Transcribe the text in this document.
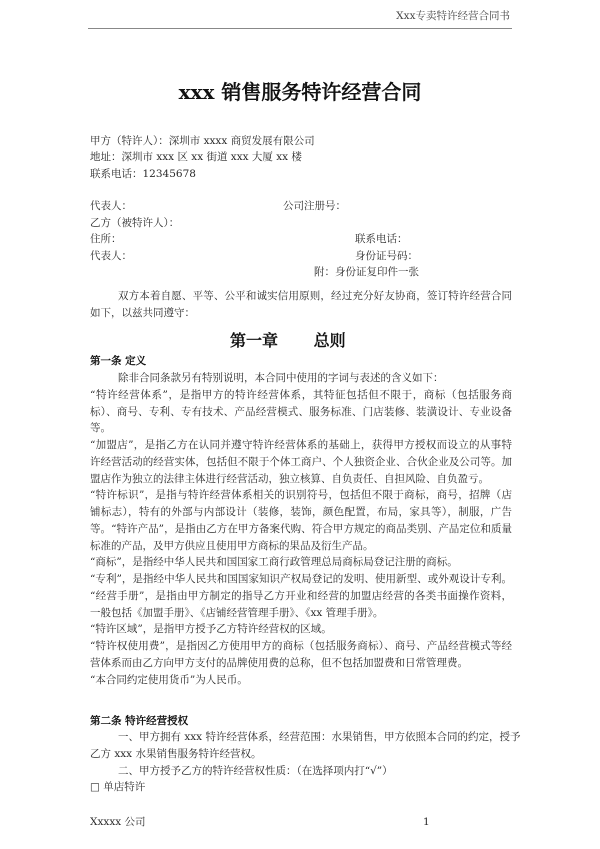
Xxx专卖特许经营合同书
xxx 销售服务特许经营合同
甲方（特许人）：深圳市 xxxx 商贸发展有限公司
地址：深圳市 xxx 区 xx 街道 xxx 大厦 xx 楼
联系电话：12345678
代表人：	公司注册号：
乙方（被特许人）：
住所：	联系电话：
代表人：	身份证号码：
附：身份证复印件一张
双方本着自愿、平等、公平和诚实信用原则，经过充分好友协商，签订特许经营合同
如下，以兹共同遵守：
第一章 总则
第一条 定义
第二条 特许经营授权
Xxxxx 公司	1
除非合同条款另有特别说明，本合同中使用的字词与表述的含义如下：
“特许经营体系”，是指甲方的特许经营体系，其特征包括但不限于，商标（包括服务商
标）、商号、专利、专有技术、产品经营模式、服务标准、门店装修、装潢设计、专业设备
等。
“加盟店”，是指乙方在认同并遵守特许经营体系的基础上，获得甲方授权而设立的从事特
许经营活动的经营实体，包括但不限于个体工商户、个人独资企业、合伙企业及公司等。加
盟店作为独立的法律主体进行经营活动，独立核算、自负责任、自担风险、自负盈亏。
“特许标识”，是指与特许经营体系相关的识别符号，包括但不限于商标，商号，招牌（店
铺标志），特有的外部与内部设计（装修，装饰，颜色配置，布局，家具等），制服，广告
等。“特许产品”，是指由乙方在甲方备案代购、符合甲方规定的商品类别、产品定位和质量
标准的产品，及甲方供应且使用甲方商标的果品及衍生产品。
“商标”，是指经中华人民共和国国家工商行政管理总局商标局登记注册的商标。
“专利”，是指经中华人民共和国国家知识产权局登记的发明、使用新型、或外观设计专利。
“经营手册”，是指由甲方制定的指导乙方开业和经营的加盟店经营的各类书面操作资料，
一般包括《加盟手册》、《店铺经营管理手册》、《xx 管理手册》。
“特许区域”，是指甲方授予乙方特许经营权的区域。
“特许权使用费”，是指因乙方使用甲方的商标（包括服务商标）、商号、产品经营模式等经
营体系而由乙方向甲方支付的品牌使用费的总称，但不包括加盟费和日常管理费。
“本合同约定使用货币”为人民币。
一、甲方拥有 xxx 特许经营体系，经营范围：水果销售，甲方依照本合同的约定，授予
乙方 xxx 水果销售服务特许经营权。
二、甲方授予乙方的特许经营权性质：（在选择项内打“√”）
□ 单店特许
